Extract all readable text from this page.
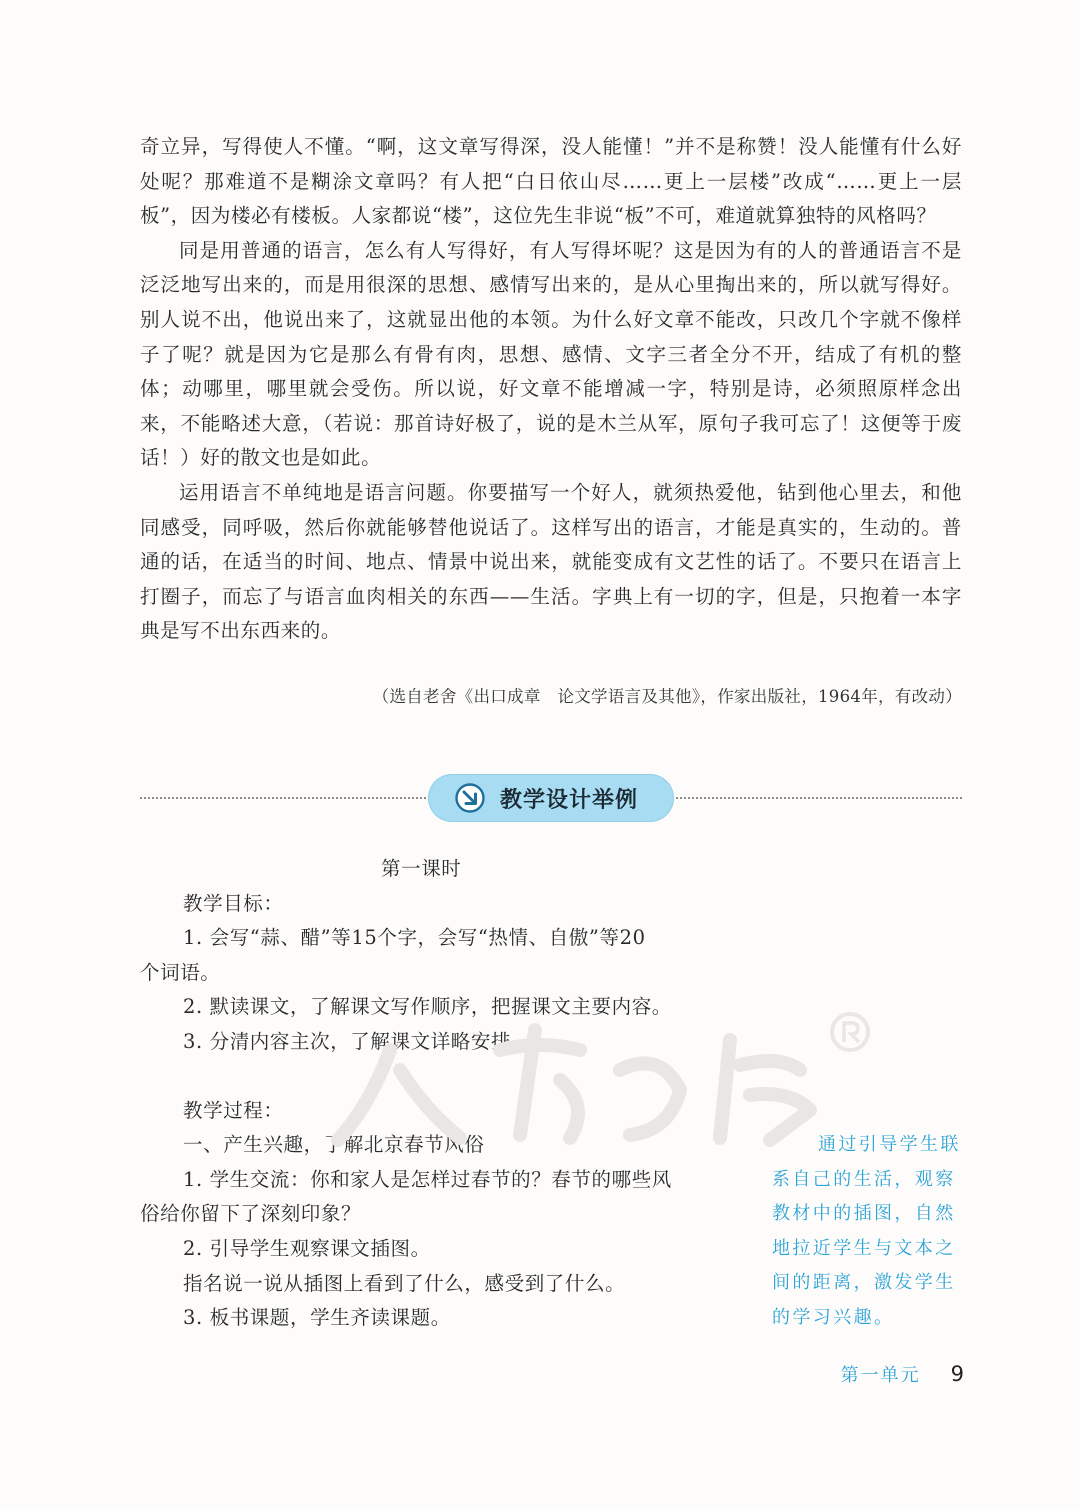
奇立异，写得使人不懂。“啊，这文章写得深，没人能懂！”并不是称赞！没人能懂有什么好处呢？那难道不是糊涂文章吗？有人把“白日依山尽……更上一层楼”改成“……更上一层板”，因为楼必有楼板。人家都说“楼”，这位先生非说“板”不可，难道就算独特的风格吗？

同是用普通的语言，怎么有人写得好，有人写得坏呢？这是因为有的人的普通语言不是泛泛地写出来的，而是用很深的思想、感情写出来的，是从心里掏出来的，所以就写得好。别人说不出，他说出来了，这就显出他的本领。为什么好文章不能改，只改几个字就不像样子了呢？就是因为它是那么有骨有肉，思想、感情、文字三者全分不开，结成了有机的整体；动哪里，哪里就会受伤。所以说，好文章不能增减一字，特别是诗，必须照原样念出来，不能略述大意，（若说：那首诗好极了，说的是木兰从军，原句子我可忘了！这便等于废话！）好的散文也是如此。

运用语言不单纯地是语言问题。你要描写一个好人，就须热爱他，钻到他心里去，和他同感受，同呼吸，然后你就能够替他说话了。这样写出的语言，才能是真实的，生动的。普通的话，在适当的时间、地点、情景中说出来，就能变成有文艺性的话了。不要只在语言上打圈子，而忘了与语言血肉相关的东西——生活。字典上有一切的字，但是，只抱着一本字典是写不出东西来的。

（选自老舍《出口成章　论文学语言及其他》，作家出版社，1964年，有改动）
教学设计举例
第一课时
教学目标：
1. 会写“蒜、醋”等15个字，会写“热情、自傲”等20
个词语。
2. 默读课文，了解课文写作顺序，把握课文主要内容。
3. 分清内容主次，了解课文详略安排。
教学过程：
一、产生兴趣，了解北京春节风俗
1. 学生交流：你和家人是怎样过春节的？春节的哪些风
俗给你留下了深刻印象？
2. 引导学生观察课文插图。
指名说一说从插图上看到了什么，感受到了什么。
3. 板书课题，学生齐读课题。
通过引导学生联
系自己的生活，观察
教材中的插图，自然
地拉近学生与文本之
间的距离，激发学生
的学习兴趣。
第一单元 9
